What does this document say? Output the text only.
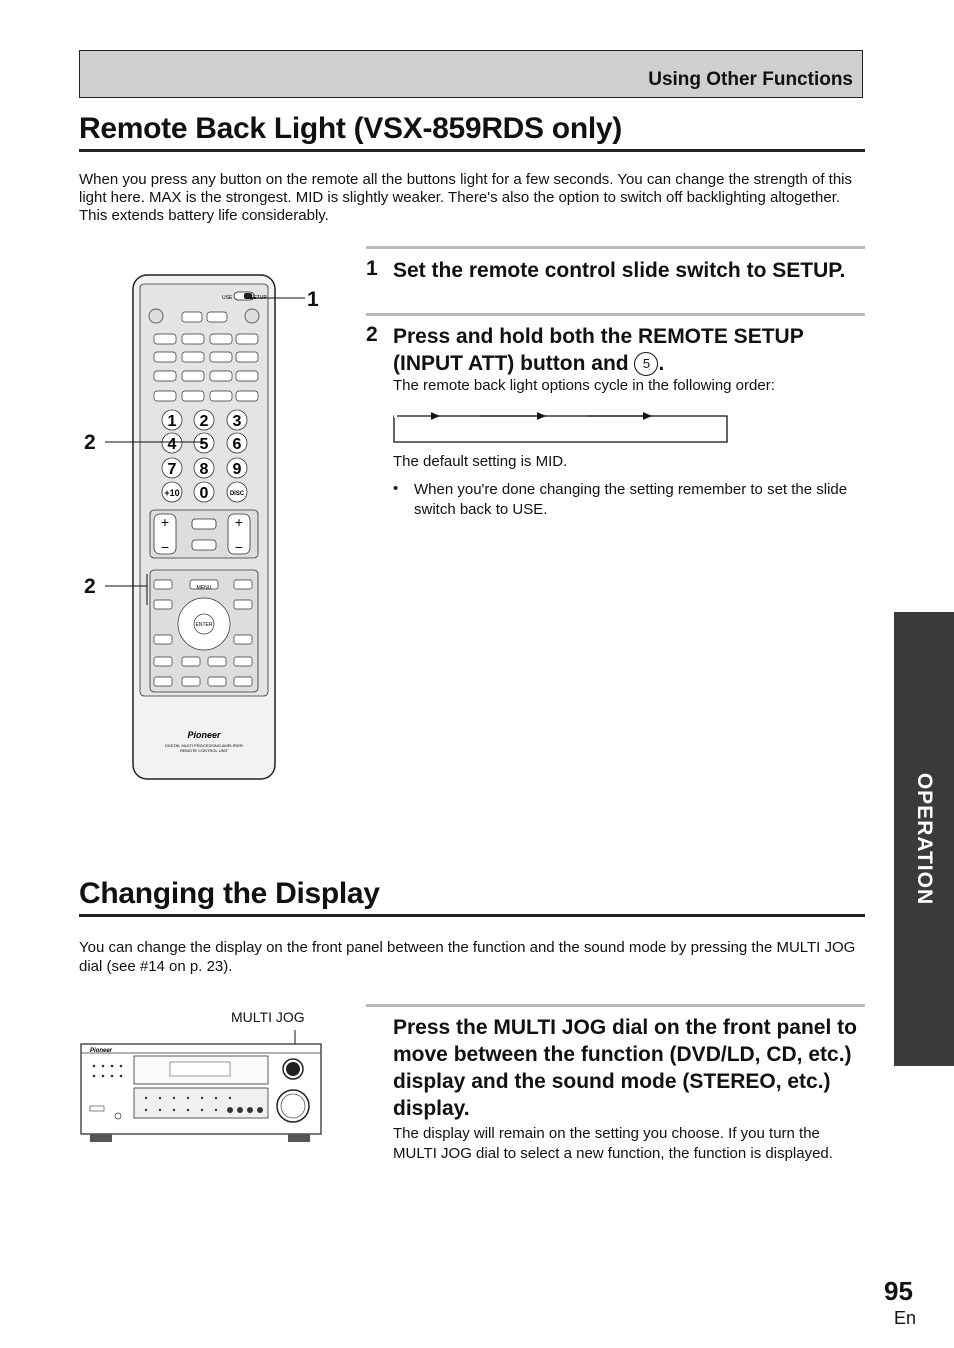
Using Other Functions
Remote Back Light (VSX-859RDS only)

When you press any button on the remote all the buttons light for a few seconds. You can change the strength of this light here. MAX is the strongest. MID is slightly weaker. There's also the option to switch off backlighting altogether. This extends battery life considerably.

1 Set the remote control slide switch to SETUP.
2 Press and hold both the REMOTE SETUP (INPUT ATT) button and 5 .
The remote back light options cycle in the following order:
The default setting is MID.
• When you're done changing the setting remember to set the slide switch back to USE.
USE	SETUP
1 2 3
4 5 6
7 8 9
+10 0	DISC
+	+
−	−
MENU
ENTER
Pioneer
DIGITAL MULTI PROCESSING AMPLIFIER
REMOTE CONTROL UNIT
1
2
2
Changing the Display

You can change the display on the front panel between the function and the sound mode by pressing the MULTI JOG dial (see #14 on p. 23).

Press the MULTI JOG dial on the front panel to move between the function (DVD/LD, CD, etc.) display and the sound mode (STEREO, etc.) display.
The display will remain on the setting you choose. If you turn the MULTI JOG dial to select a new function, the function is displayed.
MULTI JOG
Pioneer
OPERATION
95
En
